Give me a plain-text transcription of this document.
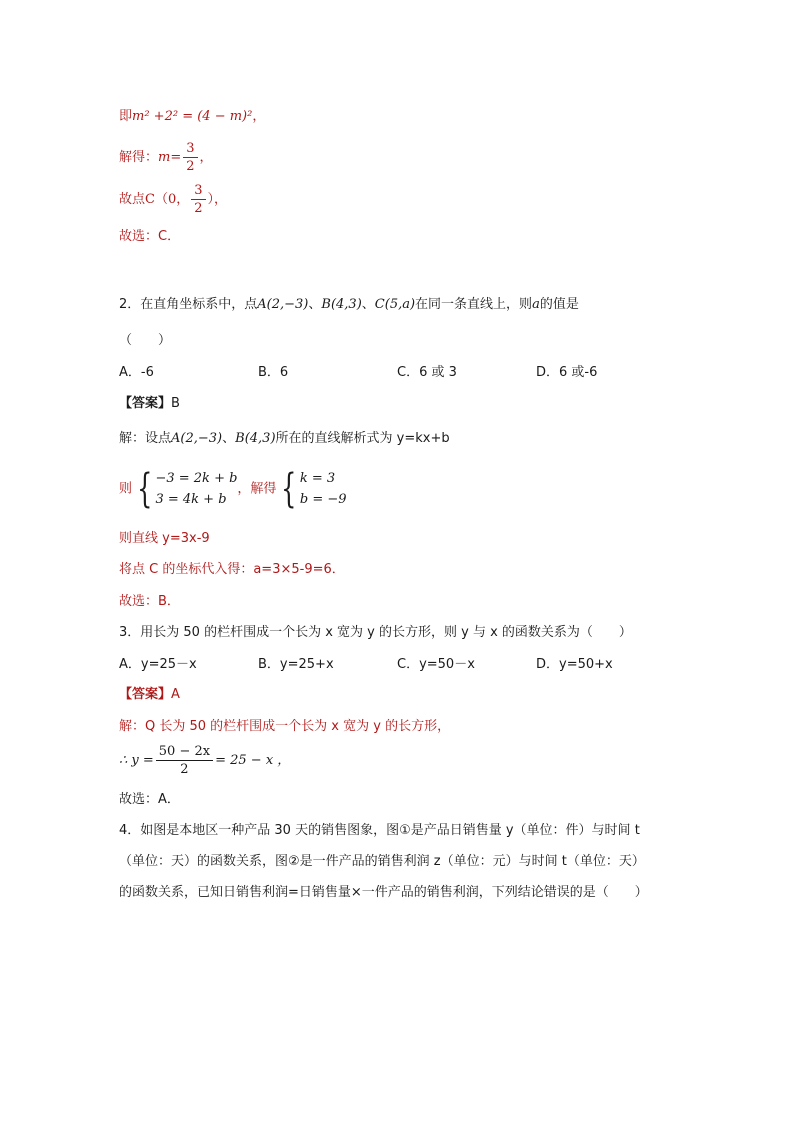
即m² +2² = (4 − m)²，
解得：$m= \frac{3}{2}$ ，
故点C（0， $\frac{3}{2}$ ），
故选：C．
2．在直角坐标系中，点A(2,−3)、B(4,3)、C(5,a)在同一条直线上，则a的值是
（　　）
A．-6	B．6	C．6 或 3	D．6 或-6
【答案】B
解：设点A(2,−3)、B(4,3)所在的直线解析式为 y=kx+b
则 { −3 = 2k + b
3 = 4k + b，解得 { k = 3
b = −9
则直线 y=3x-9
将点 C 的坐标代入得：a=3×5-9=6．
故选：B．
3．用长为 50 的栏杆围成一个长为 x 宽为 y 的长方形，则 y 与 x 的函数关系为（　　）
A．y=25－x	B．y=25+x	C．y=50－x	D．y=50+x
【答案】A
解：Q 长为 50 的栏杆围成一个长为 x 宽为 y 的长方形，
∴ $y = \frac{50 - 2x}{2} = 25 - x$ ，
故选：A．
4．如图是本地区一种产品 30 天的销售图象，图①是产品日销售量 y（单位：件）与时间 t
（单位：天）的函数关系，图②是一件产品的销售利润 z（单位：元）与时间 t（单位：天）
的函数关系，已知日销售利润=日销售量×一件产品的销售利润，下列结论错误的是（　　）
